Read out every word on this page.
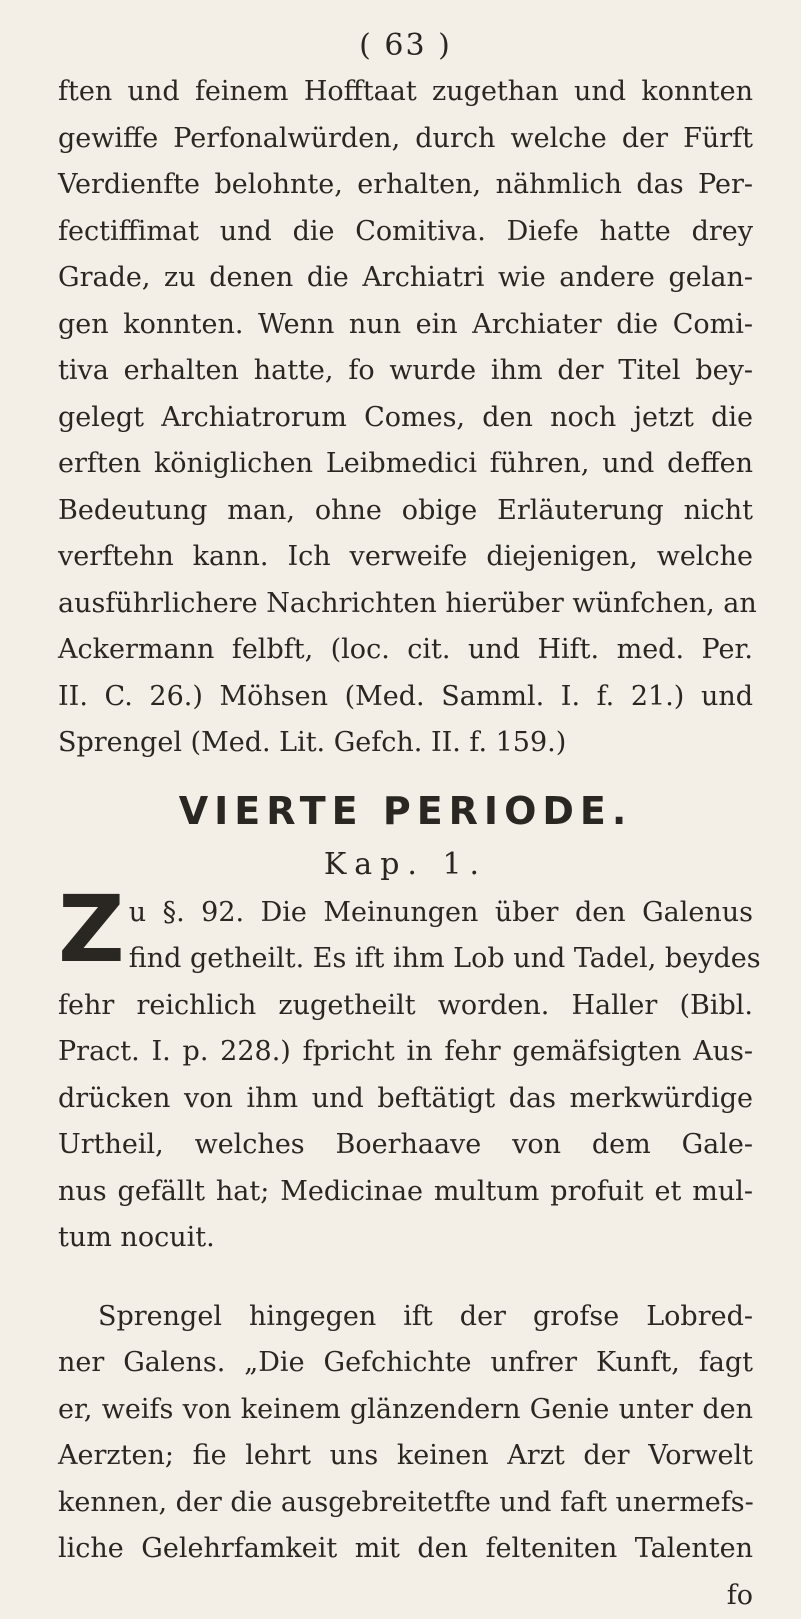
( 63 )

ften und feinem Hofftaat zugethan und konnten
gewiffe Perfonalwürden, durch welche der Fürft
Verdienfte belohnte, erhalten, nähmlich das Per-
fectiffimat und die Comitiva. Diefe hatte drey
Grade, zu denen die Archiatri wie andere gelan-
gen konnten. Wenn nun ein Archiater die Comi-
tiva erhalten hatte, fo wurde ihm der Titel bey-
gelegt Archiatrorum Comes, den noch jetzt die
erften königlichen Leibmedici führen, und deffen
Bedeutung man, ohne obige Erläuterung nicht
verftehn kann. Ich verweife diejenigen, welche
ausführlichere Nachrichten hierüber wünfchen, an
Ackermann felbft, (loc. cit. und Hift. med. Per.
II. C. 26.) Möhsen (Med. Samml. I. f. 21.) und
Sprengel (Med. Lit. Gefch. II. f. 159.)

VIERTE PERIODE.
Kap. 1.
Z u §. 92. Die Meinungen über den Galenus
find getheilt. Es ift ihm Lob und Tadel, beydes
fehr reichlich zugetheilt worden. Haller (Bibl.
Pract. I. p. 228.) fpricht in fehr gemäfsigten Aus-
drücken von ihm und beftätigt das merkwürdige
Urtheil, welches Boerhaave von dem Gale-
nus gefällt hat; Medicinae multum profuit et mul-
tum nocuit.

Sprengel hingegen ift der grofse Lobred-
ner Galens. „Die Gefchichte unfrer Kunft, fagt
er, weifs von keinem glänzendern Genie unter den
Aerzten; fie lehrt uns keinen Arzt der Vorwelt
kennen, der die ausgebreitetfte und faft unermefs-
liche Gelehrfamkeit mit den felteniten Talenten
fo
